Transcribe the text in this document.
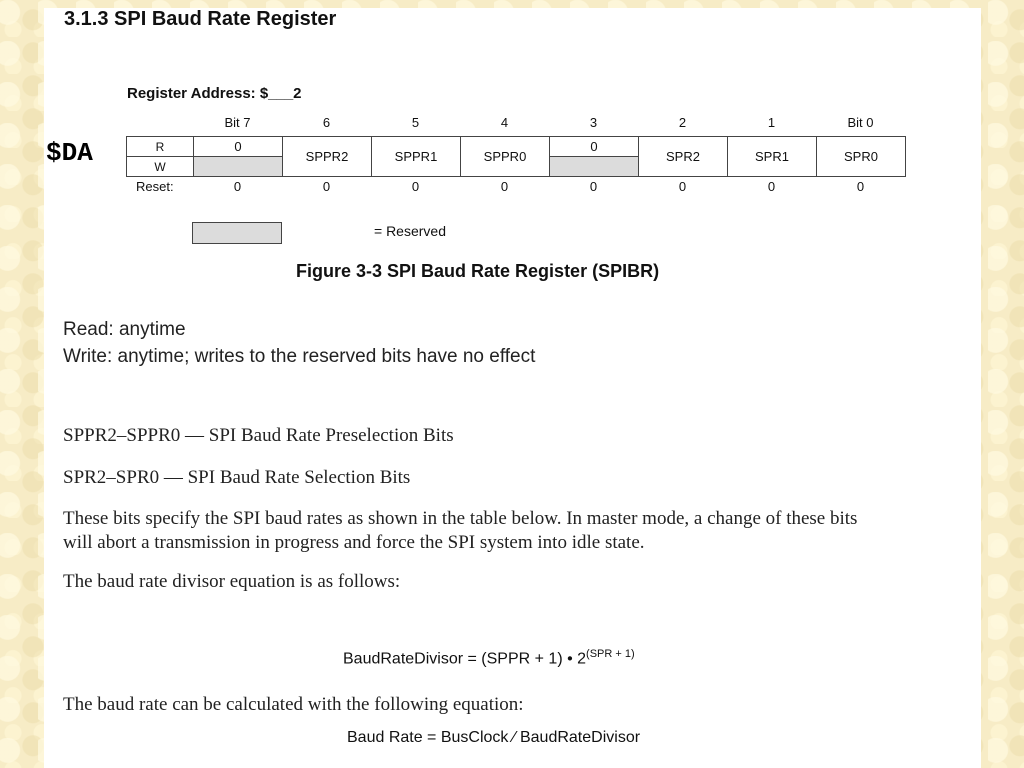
3.1.3 SPI Baud Rate Register
$DA
Register Address: $___2
Bit 7	6	5	4	3	2	1	Bit 0
R	0	SPPR2	SPPR1	SPPR0	0	SPR2	SPR1	SPR0
W								
Reset:	0	0	0	0	0	0	0	0
= Reserved
Figure 3-3 SPI Baud Rate Register (SPIBR)
Read: anytime
Write: anytime; writes to the reserved bits have no effect
SPPR2–SPPR0 — SPI Baud Rate Preselection Bits
SPR2–SPR0 — SPI Baud Rate Selection Bits
These bits specify the SPI baud rates as shown in the table below. In master mode, a change of these bits
will abort a transmission in progress and force the SPI system into idle state.
The baud rate divisor equation is as follows:
BaudRateDivisor = (SPPR + 1) • $2^{(SPR + 1)}$
The baud rate can be calculated with the following equation:
Baud Rate = BusClock ⁄ BaudRateDivisor
